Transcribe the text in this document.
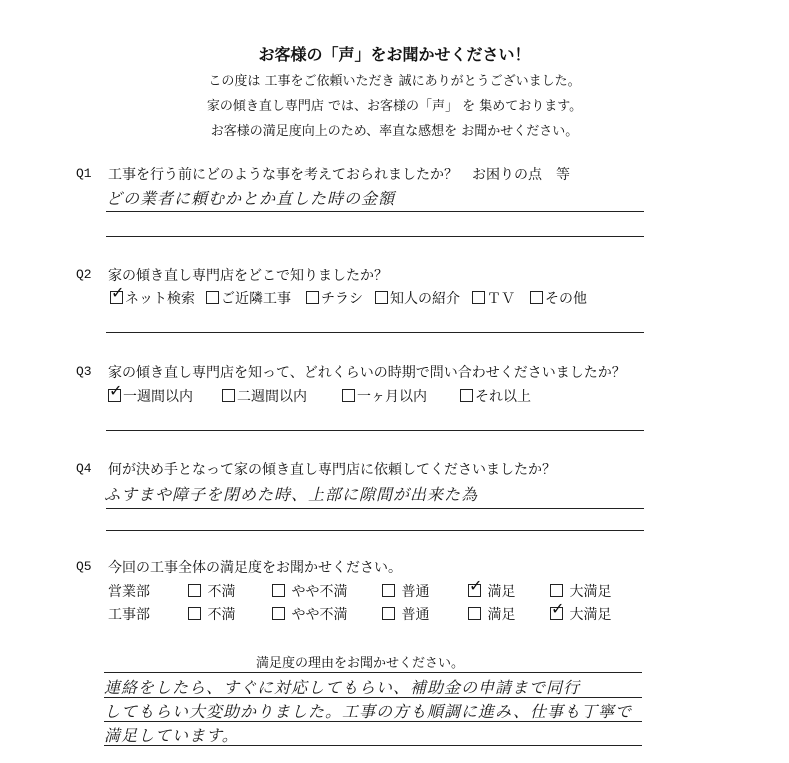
お客様の「声」をお聞かせください！
この度は 工事をご依頼いただき 誠にありがとうございました。
家の傾き直し専門店 では、お客様の「声」 を 集めております。
お客様の満足度向上のため、率直な感想を お聞かせください。
Q1 工事を行う前にどのような事を考えておられましたか？　お困りの点　等
どの業者に頼むかとか直した時の金額
Q2 家の傾き直し専門店をどこで知りましたか？
✓ネット検索	ご近隣工事	チラシ	知人の紹介	ＴＶ	その他
Q3 家の傾き直し専門店を知って、どれくらいの時期で問い合わせくださいましたか？
✓一週間以内	二週間以内	一ヶ月以内	それ以上
Q4 何が決め手となって家の傾き直し専門店に依頼してくださいましたか？
ふすまや障子を閉めた時、上部に隙間が出来た為
Q5 今回の工事全体の満足度をお聞かせください。
営業部	不満	やや不満	普通 ✓	満足	大満足
工事部	不満	やや不満	普通	満足 ✓	大満足
満足度の理由をお聞かせください。
連絡をしたら、すぐに対応してもらい、補助金の申請まで同行
してもらい大変助かりました。工事の方も順調に進み、仕事も丁寧で
満足しています。
